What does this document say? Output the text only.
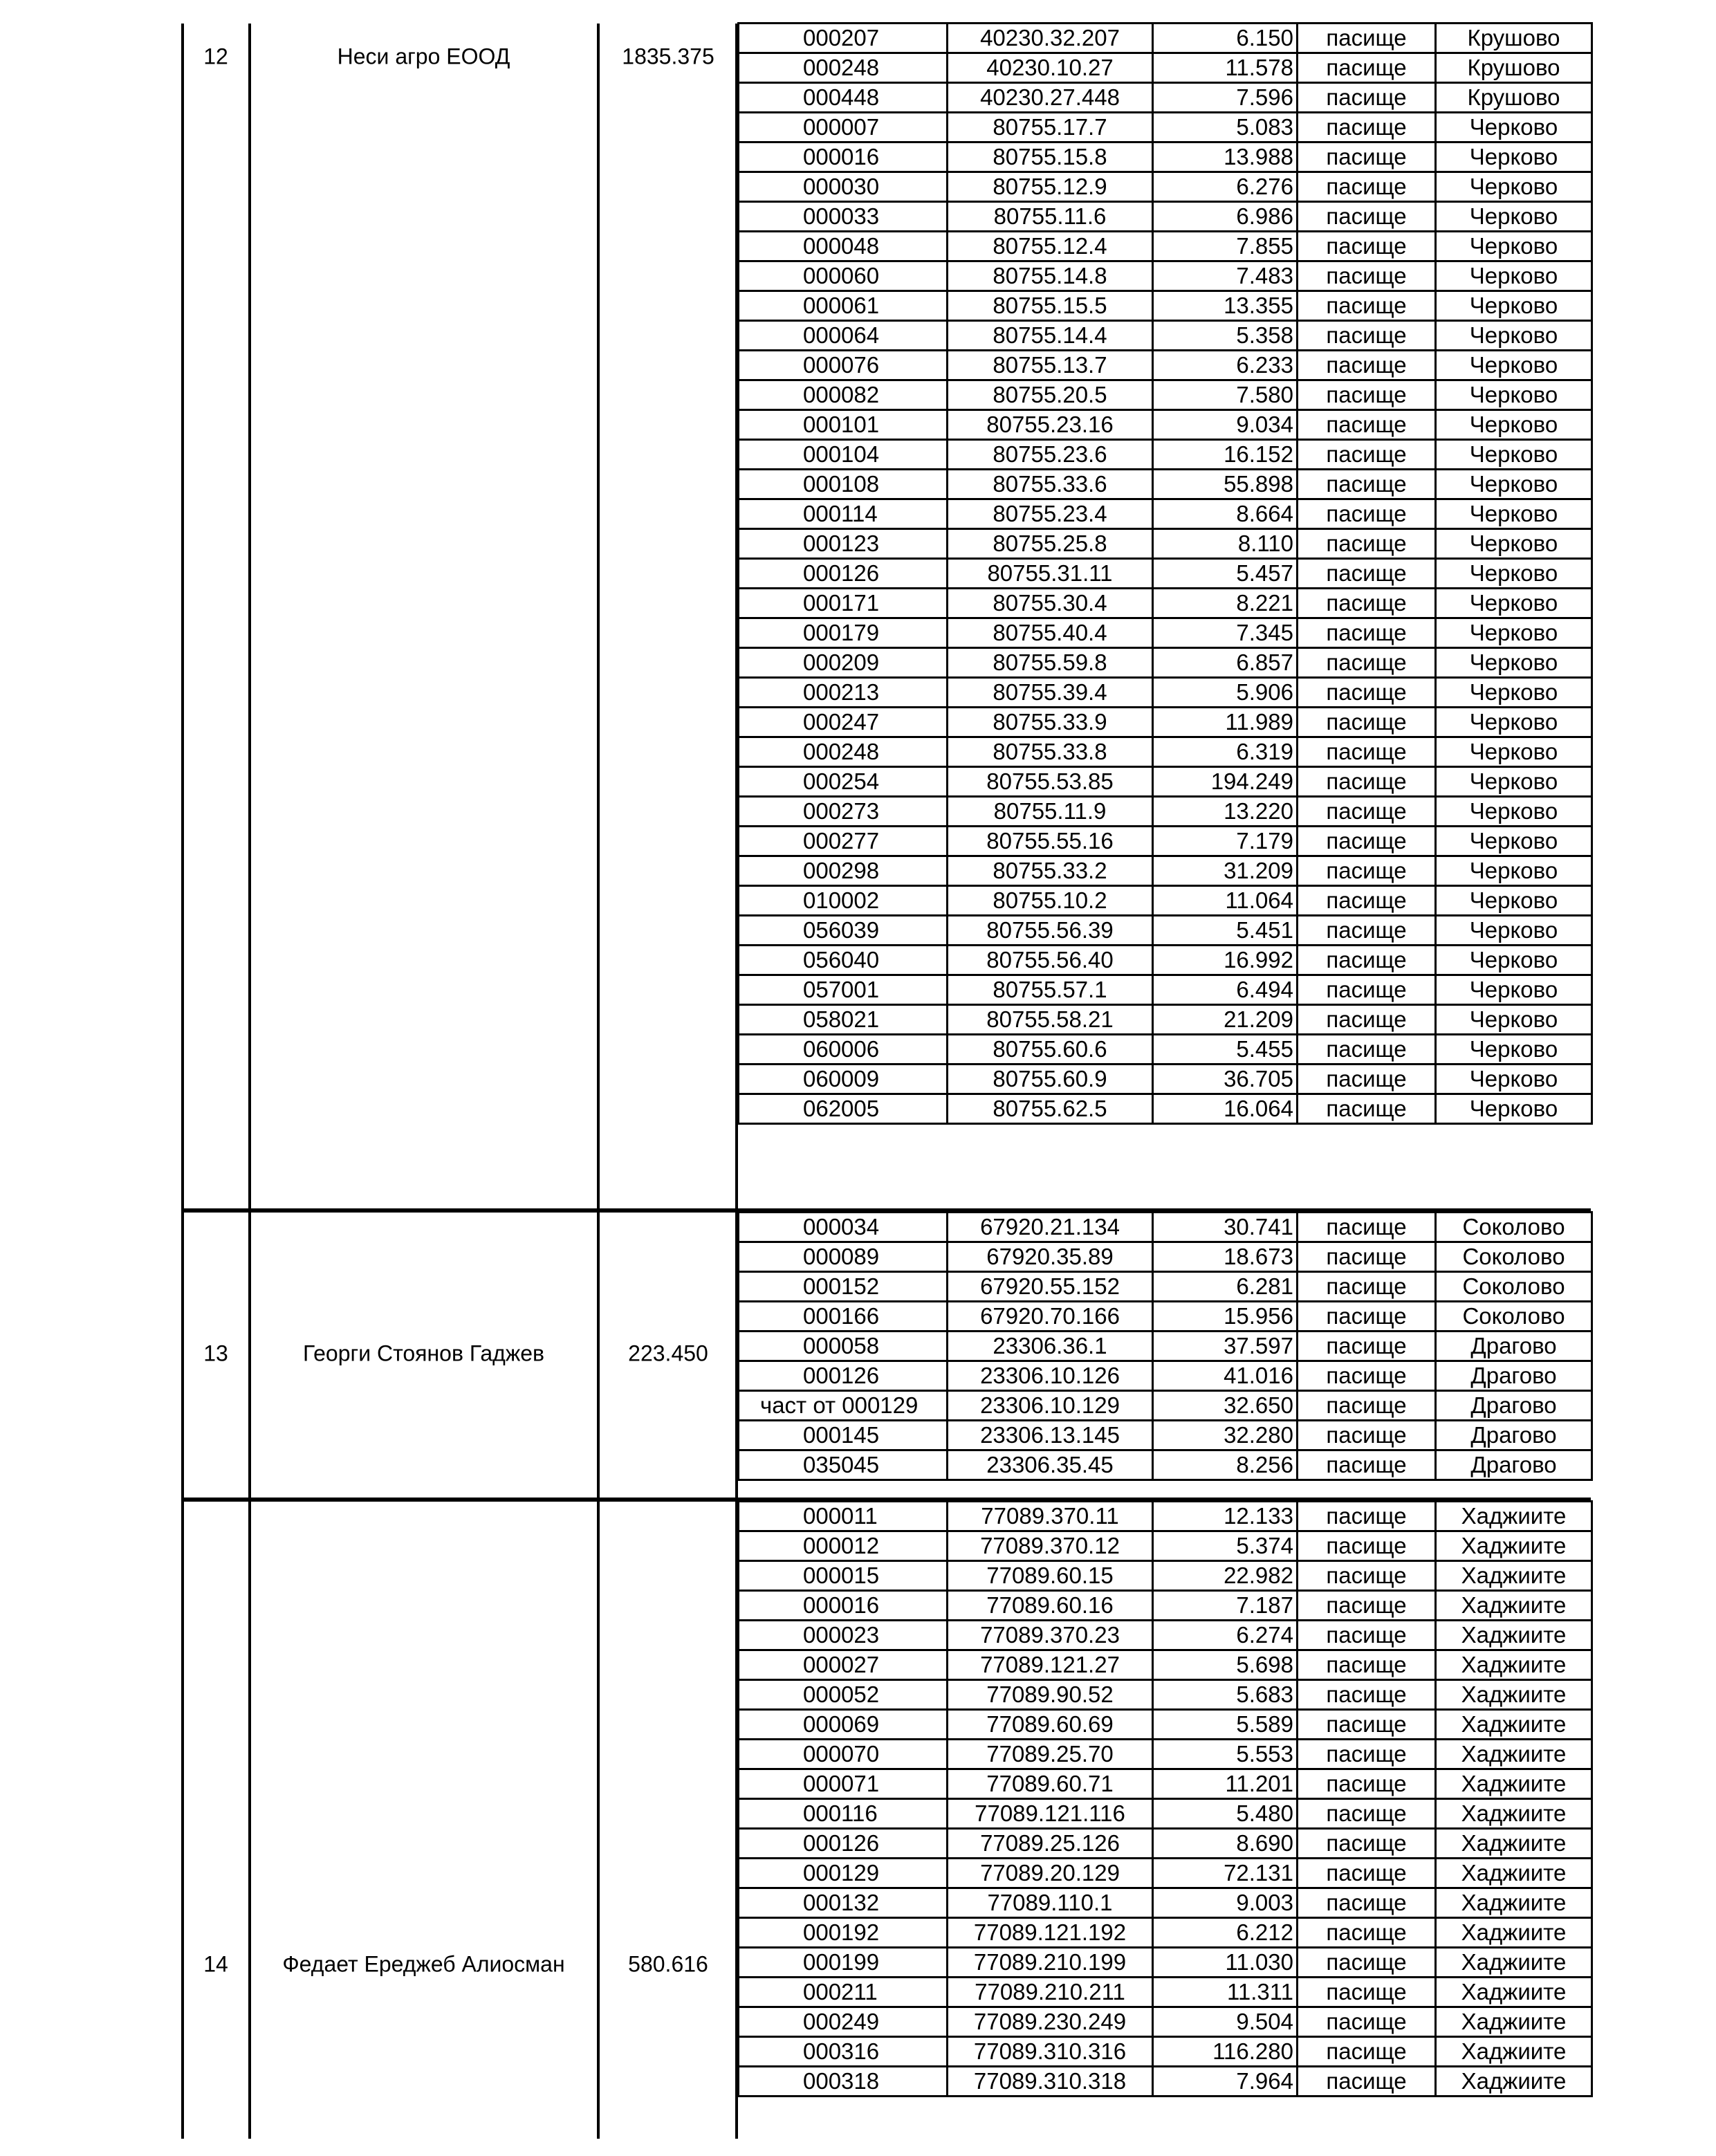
12	Неси агро ЕООД	1835.375
000207	40230.32.207	6.150	пасище	Крушово
000248	40230.10.27	11.578	пасище	Крушово
000448	40230.27.448	7.596	пасище	Крушово
000007	80755.17.7	5.083	пасище	Черково
000016	80755.15.8	13.988	пасище	Черково
000030	80755.12.9	6.276	пасище	Черково
000033	80755.11.6	6.986	пасище	Черково
000048	80755.12.4	7.855	пасище	Черково
000060	80755.14.8	7.483	пасище	Черково
000061	80755.15.5	13.355	пасище	Черково
000064	80755.14.4	5.358	пасище	Черково
000076	80755.13.7	6.233	пасище	Черково
000082	80755.20.5	7.580	пасище	Черково
000101	80755.23.16	9.034	пасище	Черково
000104	80755.23.6	16.152	пасище	Черково
000108	80755.33.6	55.898	пасище	Черково
000114	80755.23.4	8.664	пасище	Черково
000123	80755.25.8	8.110	пасище	Черково
000126	80755.31.11	5.457	пасище	Черково
000171	80755.30.4	8.221	пасище	Черково
000179	80755.40.4	7.345	пасище	Черково
000209	80755.59.8	6.857	пасище	Черково
000213	80755.39.4	5.906	пасище	Черково
000247	80755.33.9	11.989	пасище	Черково
000248	80755.33.8	6.319	пасище	Черково
000254	80755.53.85	194.249	пасище	Черково
000273	80755.11.9	13.220	пасище	Черково
000277	80755.55.16	7.179	пасище	Черково
000298	80755.33.2	31.209	пасище	Черково
010002	80755.10.2	11.064	пасище	Черково
056039	80755.56.39	5.451	пасище	Черково
056040	80755.56.40	16.992	пасище	Черково
057001	80755.57.1	6.494	пасище	Черково
058021	80755.58.21	21.209	пасище	Черково
060006	80755.60.6	5.455	пасище	Черково
060009	80755.60.9	36.705	пасище	Черково
062005	80755.62.5	16.064	пасище	Черково
13	Георги Стоянов Гаджев	223.450
000034	67920.21.134	30.741	пасище	Соколово
000089	67920.35.89	18.673	пасище	Соколово
000152	67920.55.152	6.281	пасище	Соколово
000166	67920.70.166	15.956	пасище	Соколово
000058	23306.36.1	37.597	пасище	Драгово
000126	23306.10.126	41.016	пасище	Драгово
част от 000129	23306.10.129	32.650	пасище	Драгово
000145	23306.13.145	32.280	пасище	Драгово
035045	23306.35.45	8.256	пасище	Драгово
14	Федает Ереджеб Алиосман	580.616
000011	77089.370.11	12.133	пасище	Хаджиите
000012	77089.370.12	5.374	пасище	Хаджиите
000015	77089.60.15	22.982	пасище	Хаджиите
000016	77089.60.16	7.187	пасище	Хаджиите
000023	77089.370.23	6.274	пасище	Хаджиите
000027	77089.121.27	5.698	пасище	Хаджиите
000052	77089.90.52	5.683	пасище	Хаджиите
000069	77089.60.69	5.589	пасище	Хаджиите
000070	77089.25.70	5.553	пасище	Хаджиите
000071	77089.60.71	11.201	пасище	Хаджиите
000116	77089.121.116	5.480	пасище	Хаджиите
000126	77089.25.126	8.690	пасище	Хаджиите
000129	77089.20.129	72.131	пасище	Хаджиите
000132	77089.110.1	9.003	пасище	Хаджиите
000192	77089.121.192	6.212	пасище	Хаджиите
000199	77089.210.199	11.030	пасище	Хаджиите
000211	77089.210.211	11.311	пасище	Хаджиите
000249	77089.230.249	9.504	пасище	Хаджиите
000316	77089.310.316	116.280	пасище	Хаджиите
000318	77089.310.318	7.964	пасище	Хаджиите
